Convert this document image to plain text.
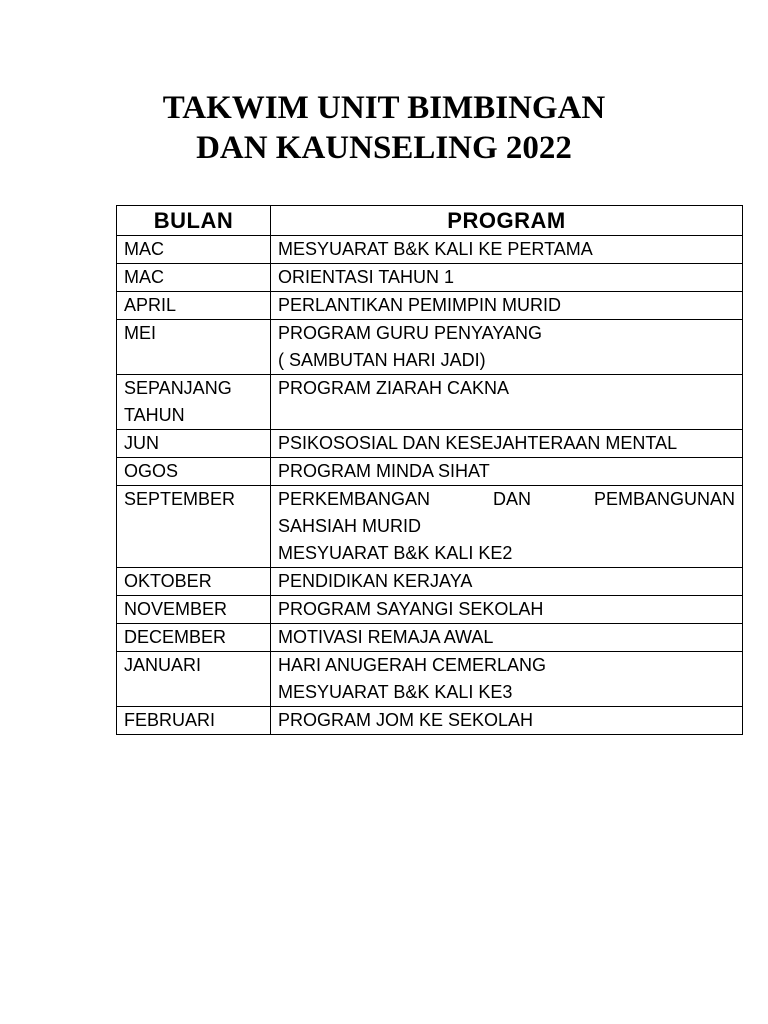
TAKWIM UNIT BIMBINGAN
DAN KAUNSELING 2022
BULAN	PROGRAM

MAC	MESYUARAT B&K KALI KE PERTAMA

MAC	ORIENTASI TAHUN 1

APRIL	PERLANTIKAN PEMIMPIN MURID

MEI	PROGRAM GURU PENYAYANG
( SAMBUTAN HARI JADI)

SEPANJANG
TAHUN	PROGRAM ZIARAH CAKNA

JUN	PSIKOSOSIAL DAN KESEJAHTERAAN MENTAL

OGOS	PROGRAM MINDA SIHAT

SEPTEMBER	PERKEMBANGAN DAN PEMBANGUNAN
SAHSIAH MURID
MESYUARAT B&K KALI KE2

OKTOBER	PENDIDIKAN KERJAYA

NOVEMBER	PROGRAM SAYANGI SEKOLAH

DECEMBER	MOTIVASI REMAJA AWAL

JANUARI	HARI ANUGERAH CEMERLANG
MESYUARAT B&K KALI KE3

FEBRUARI	PROGRAM JOM KE SEKOLAH
